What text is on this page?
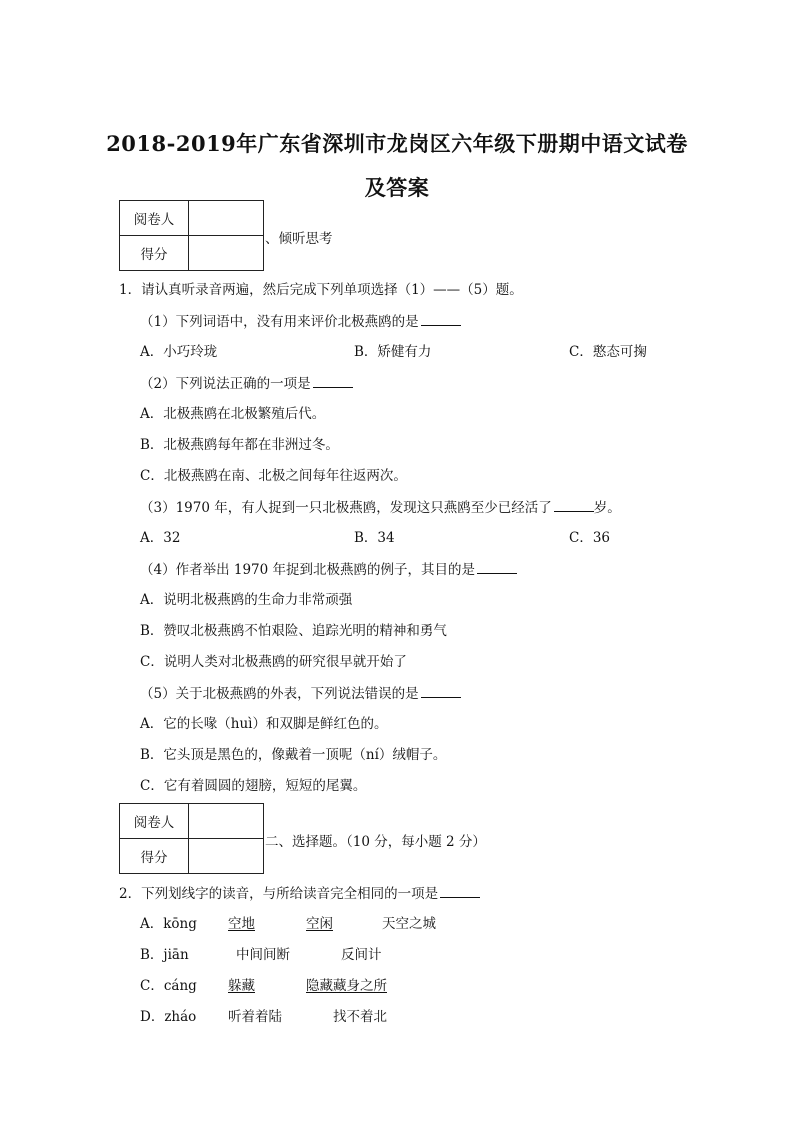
2018-2019年广东省深圳市龙岗区六年级下册期中语文试卷
及答案
阅卷人	
得分	
、倾听思考
1．请认真听录音两遍，然后完成下列单项选择（1）——（5）题。
（1）下列词语中，没有用来评价北极燕鸥的是
A．小巧玲珑	B．矫健有力	C．憨态可掬
（2）下列说法正确的一项是
A．北极燕鸥在北极繁殖后代。
B．北极燕鸥每年都在非洲过冬。
C．北极燕鸥在南、北极之间每年往返两次。
（3）1970 年，有人捉到一只北极燕鸥，发现这只燕鸥至少已经活了	岁。
A．32	B．34	C．36
（4）作者举出 1970 年捉到北极燕鸥的例子，其目的是
A．说明北极燕鸥的生命力非常顽强
B．赞叹北极燕鸥不怕艰险、追踪光明的精神和勇气
C．说明人类对北极燕鸥的研究很早就开始了
（5）关于北极燕鸥的外表，下列说法错误的是
A．它的长喙（huì）和双脚是鲜红色的。
B．它头顶是黑色的，像戴着一顶呢（ní）绒帽子。
C．它有着圆圆的翅膀，短短的尾翼。
阅卷人	
得分	
二、选择题。（10 分，每小题 2 分）
2．下列划线字的读音，与所给读音完全相同的一项是
A．kōng 空地	空闲	天空之城
B．jiān	中间间断	反间计
C．cáng 躲藏	隐藏藏身之所
D．zháo 听着着陆	找不着北
